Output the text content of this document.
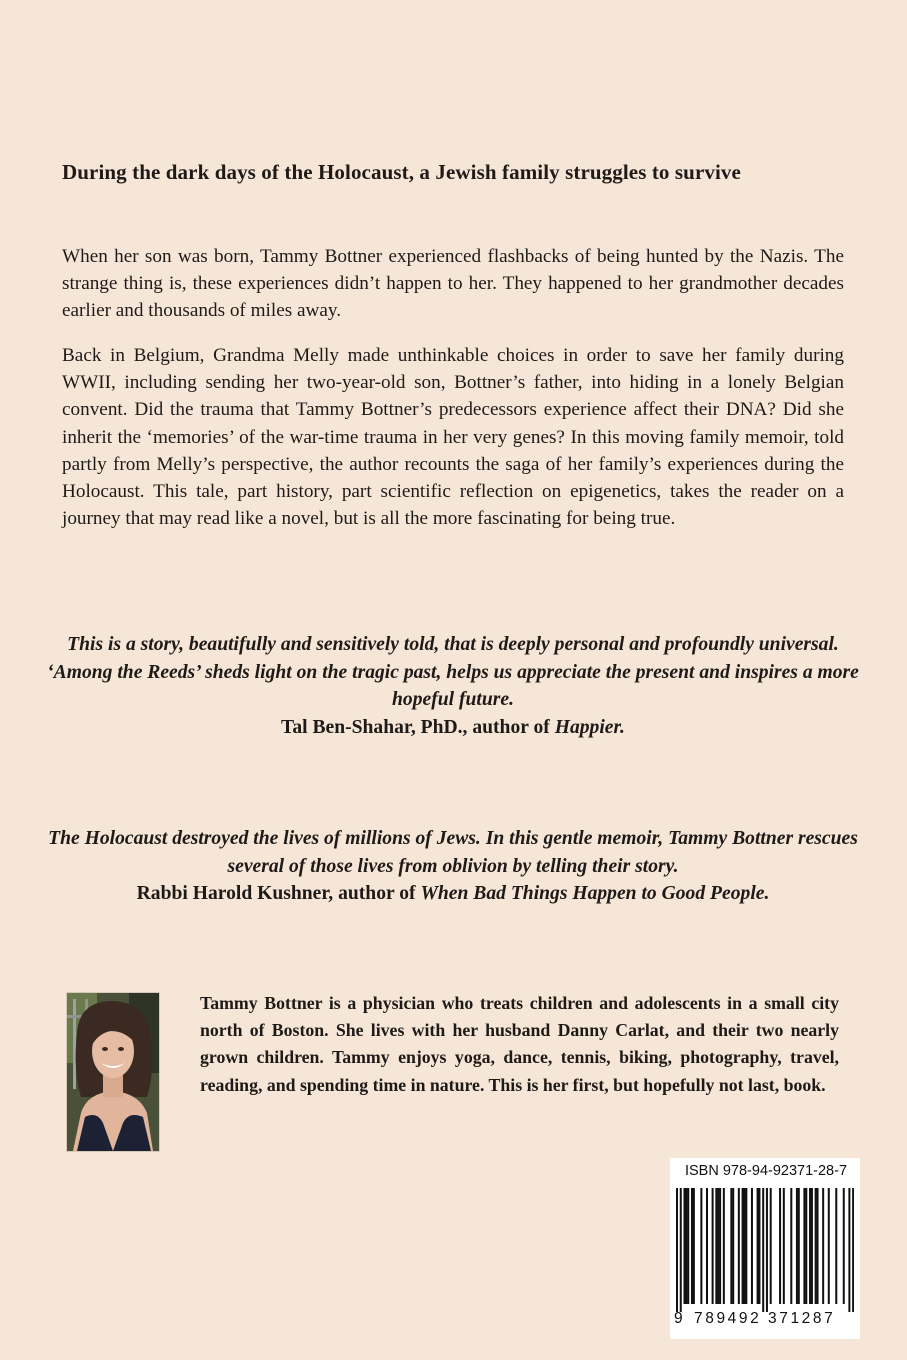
During the dark days of the Holocaust, a Jewish family struggles to survive

When her son was born, Tammy Bottner experienced flashbacks of being hunted by the Nazis. The strange thing is, these experiences didn’t happen to her. They happened to her grandmother decades earlier and thousands of miles away.

Back in Belgium, Grandma Melly made unthinkable choices in order to save her family during WWII, including sending her two-year-old son, Bottner’s father, into hiding in a lonely Belgian convent. Did the trauma that Tammy Bottner’s predecessors experience affect their DNA? Did she inherit the ‘memories’ of the war-time trauma in her very genes? In this moving family memoir, told partly from Melly’s perspective, the author recounts the saga of her family’s experiences during the Holocaust. This tale, part history, part scientific reflection on epigenetics, takes the reader on a journey that may read like a novel, but is all the more fascinating for being true.

This is a story, beautifully and sensitively told, that is deeply personal and profoundly universal. ‘Among the Reeds’ sheds light on the tragic past, helps us appreciate the present and inspires a more hopeful future.
Tal Ben-Shahar, PhD., author of Happier.
The Holocaust destroyed the lives of millions of Jews. In this gentle memoir, Tammy Bottner rescues several of those lives from oblivion by telling their story.
Rabbi Harold Kushner, author of When Bad Things Happen to Good People.

Tammy Bottner is a physician who treats children and adolescents in a small city north of Boston. She lives with her husband Danny Carlat, and their two nearly grown children. Tammy enjoys yoga, dance, tennis, biking, photography, travel, reading, and spending time in nature. This is her first, but hopefully not last, book.

ISBN 978-94-92371-28-7
9 789492 371287
